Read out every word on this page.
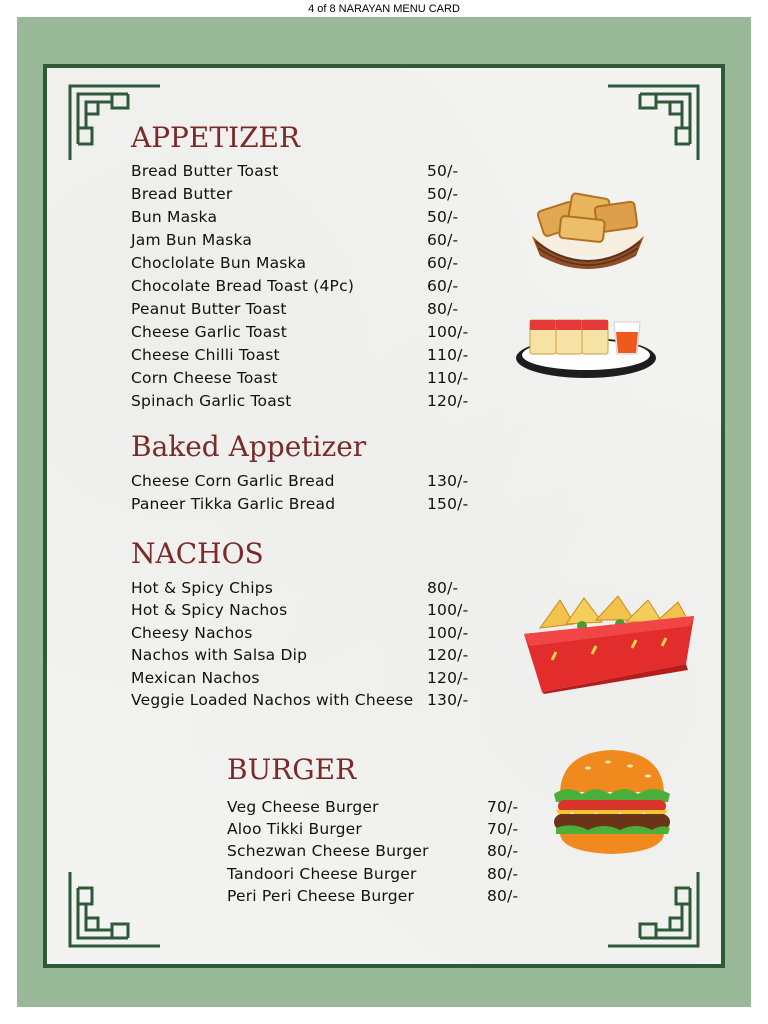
4 of 8 NARAYAN MENU CARD
APPETIZER
Bread Butter Toast	50/-
Bread Butter	50/-
Bun Maska	50/-
Jam Bun Maska	60/-
Choclolate Bun Maska	60/-
Chocolate Bread Toast (4Pc)	60/-
Peanut Butter Toast	80/-
Cheese Garlic Toast	100/-
Cheese Chilli Toast	110/-
Corn Cheese Toast	110/-
Spinach Garlic Toast	120/-
Baked Appetizer
Cheese Corn Garlic Bread	130/-
Paneer Tikka Garlic Bread	150/-
NACHOS
Hot & Spicy Chips	80/-
Hot & Spicy Nachos	100/-
Cheesy Nachos	100/-
Nachos with Salsa Dip	120/-
Mexican Nachos	120/-
Veggie Loaded Nachos with Cheese 130/-
BURGER
Veg Cheese Burger	70/-
Aloo Tikki Burger	70/-
Schezwan Cheese Burger	80/-
Tandoori Cheese Burger	80/-
Peri Peri Cheese Burger	80/-
